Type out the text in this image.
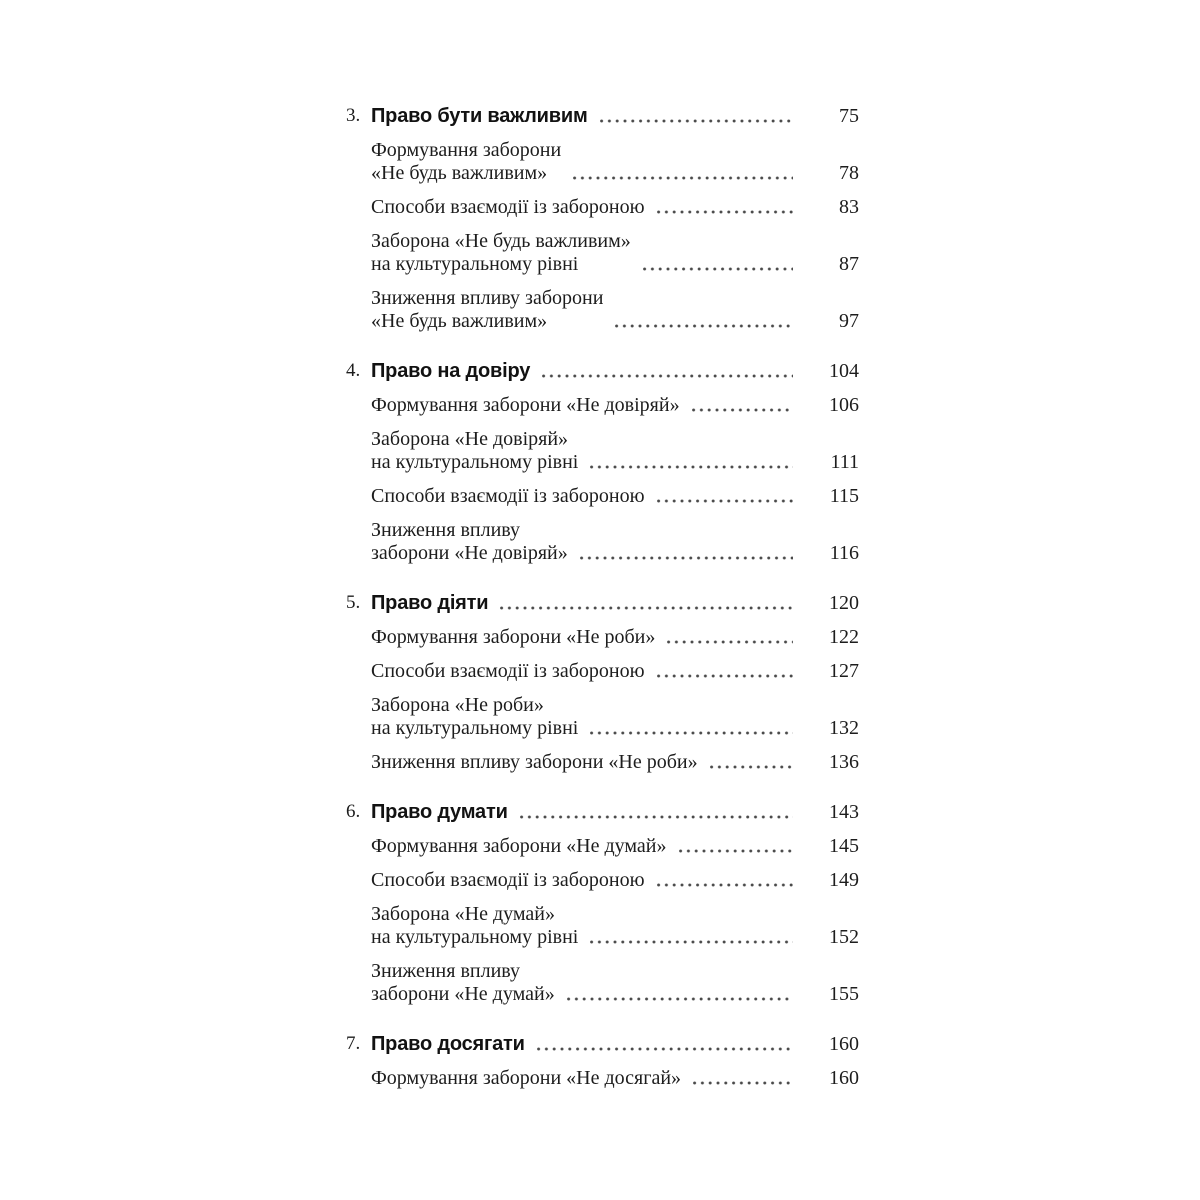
3. Право бути важливим	75
Формування заборони
«Не будь важливим»	78
Способи взаємодії із забороною	83
Заборона «Не будь важливим»
на культуральному рівні	87
Зниження впливу заборони
«Не будь важливим»	97
4. Право на довіру	104
Формування заборони «Не довіряй»	106
Заборона «Не довіряй»
на культуральному рівні	111
Способи взаємодії із забороною	115
Зниження впливу
заборони «Не довіряй»	116
5. Право діяти	120
Формування заборони «Не роби»	122
Способи взаємодії із забороною	127
Заборона «Не роби»
на культуральному рівні	132
Зниження впливу заборони «Не роби»	136
6. Право думати	143
Формування заборони «Не думай»	145
Способи взаємодії із забороною	149
Заборона «Не думай»
на культуральному рівні	152
Зниження впливу
заборони «Не думай»	155
7. Право досягати	160
Формування заборони «Не досягай»	160
